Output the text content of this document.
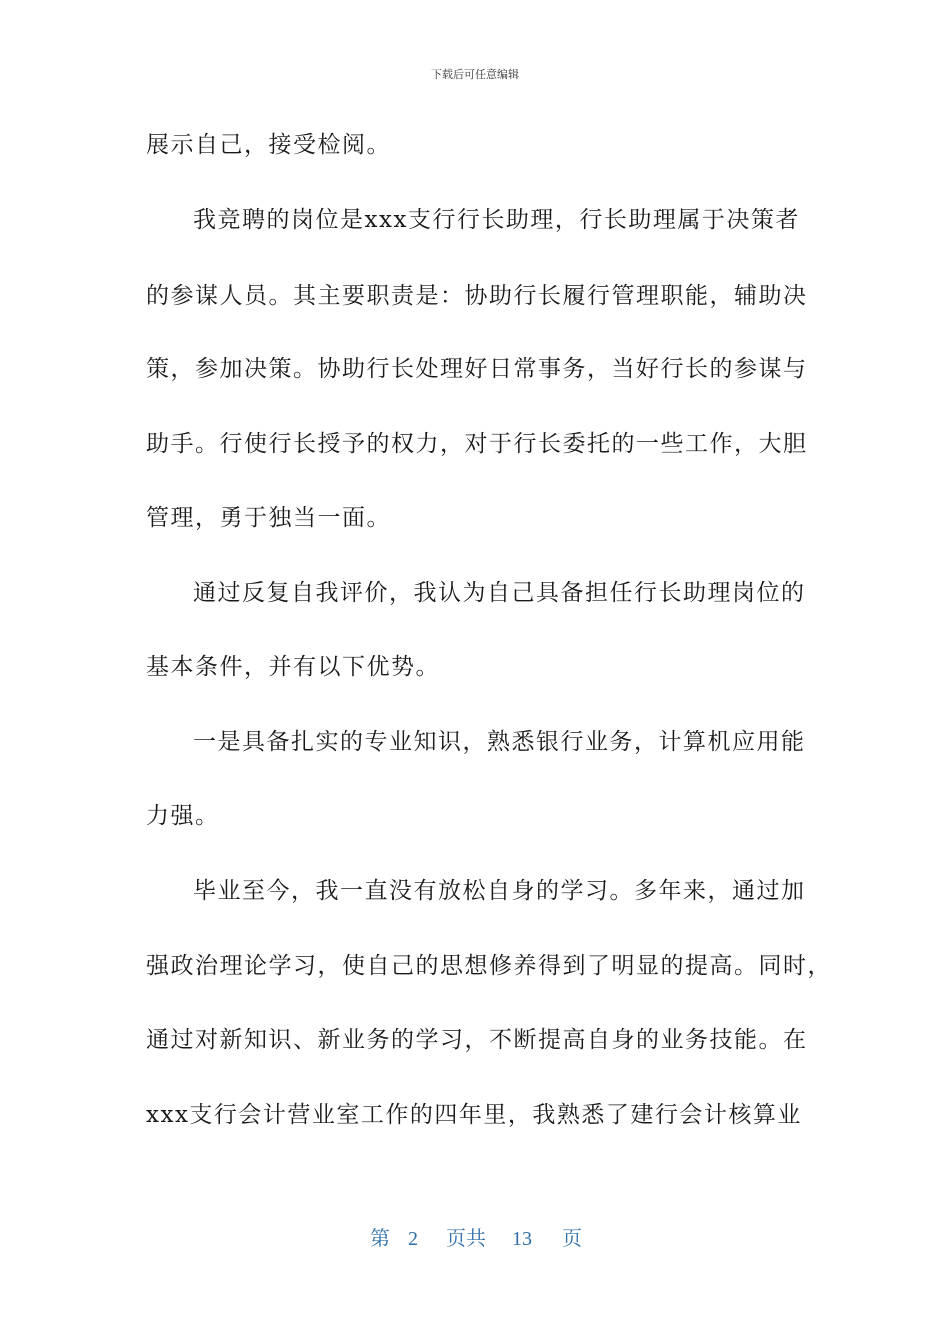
下载后可任意编辑
展示自己，接受检阅。
我竞聘的岗位是xxx支行行长助理，行长助理属于决策者
的参谋人员。其主要职责是：协助行长履行管理职能，辅助决
策，参加决策。协助行长处理好日常事务，当好行长的参谋与
助手。行使行长授予的权力，对于行长委托的一些工作，大胆
管理，勇于独当一面。
通过反复自我评价，我认为自己具备担任行长助理岗位的
基本条件，并有以下优势。
一是具备扎实的专业知识，熟悉银行业务，计算机应用能
力强。
毕业至今，我一直没有放松自身的学习。多年来，通过加
强政治理论学习，使自己的思想修养得到了明显的提高。同时，
通过对新知识、新业务的学习，不断提高自身的业务技能。在
xxx支行会计营业室工作的四年里，我熟悉了建行会计核算业
第 2 页共 13 页
